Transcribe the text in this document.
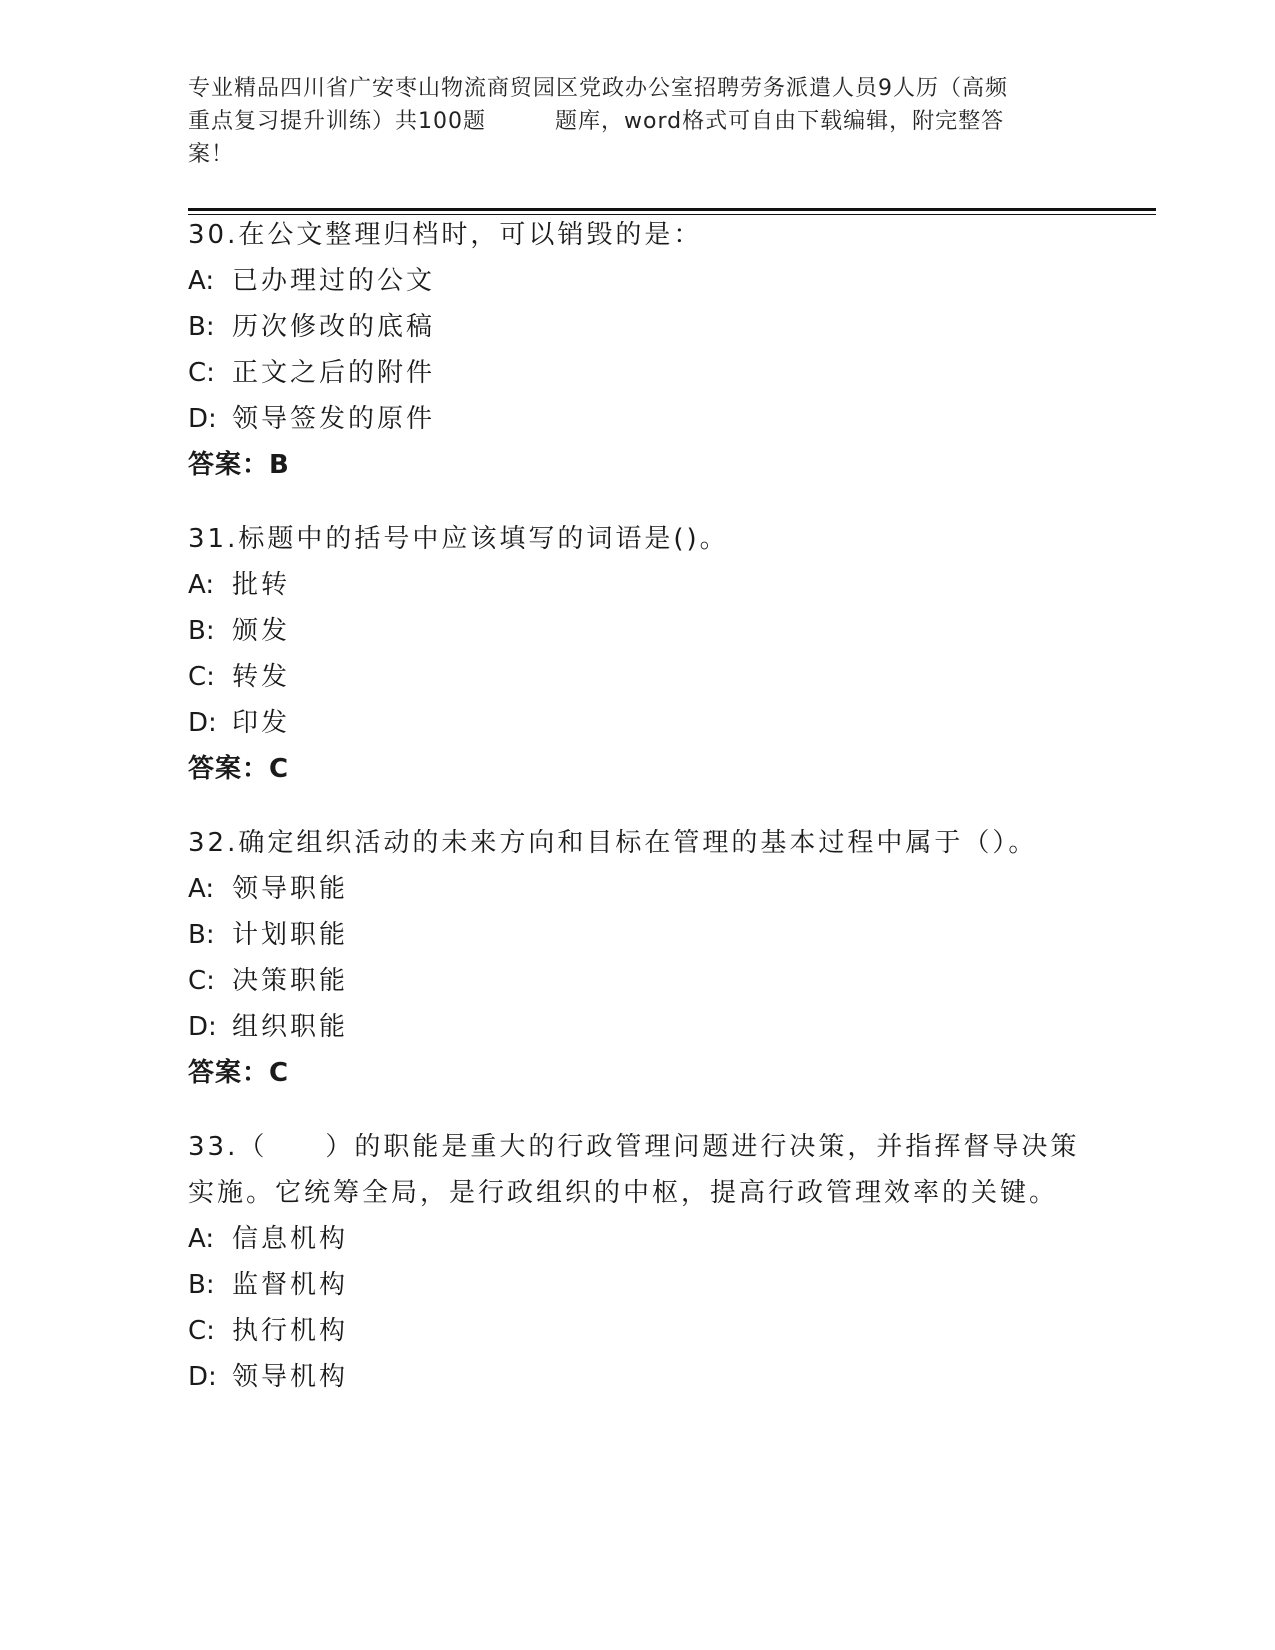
专业精品四川省广安枣山物流商贸园区党政办公室招聘劳务派遣人员9人历（高频
重点复习提升训练）共100题　　　题库，word格式可自由下载编辑，附完整答
案！
30.在公文整理归档时，可以销毁的是：
A: 已办理过的公文
B: 历次修改的底稿
C: 正文之后的附件
D: 领导签发的原件
答案：B
31.标题中的括号中应该填写的词语是()。
A: 批转
B: 颁发
C: 转发
D: 印发
答案：C
32.确定组织活动的未来方向和目标在管理的基本过程中属于（）。
A: 领导职能
B: 计划职能
C: 决策职能
D: 组织职能
答案：C
33.（　　）的职能是重大的行政管理问题进行决策，并指挥督导决策
实施。它统筹全局，是行政组织的中枢，提高行政管理效率的关键。
A: 信息机构
B: 监督机构
C: 执行机构
D: 领导机构
